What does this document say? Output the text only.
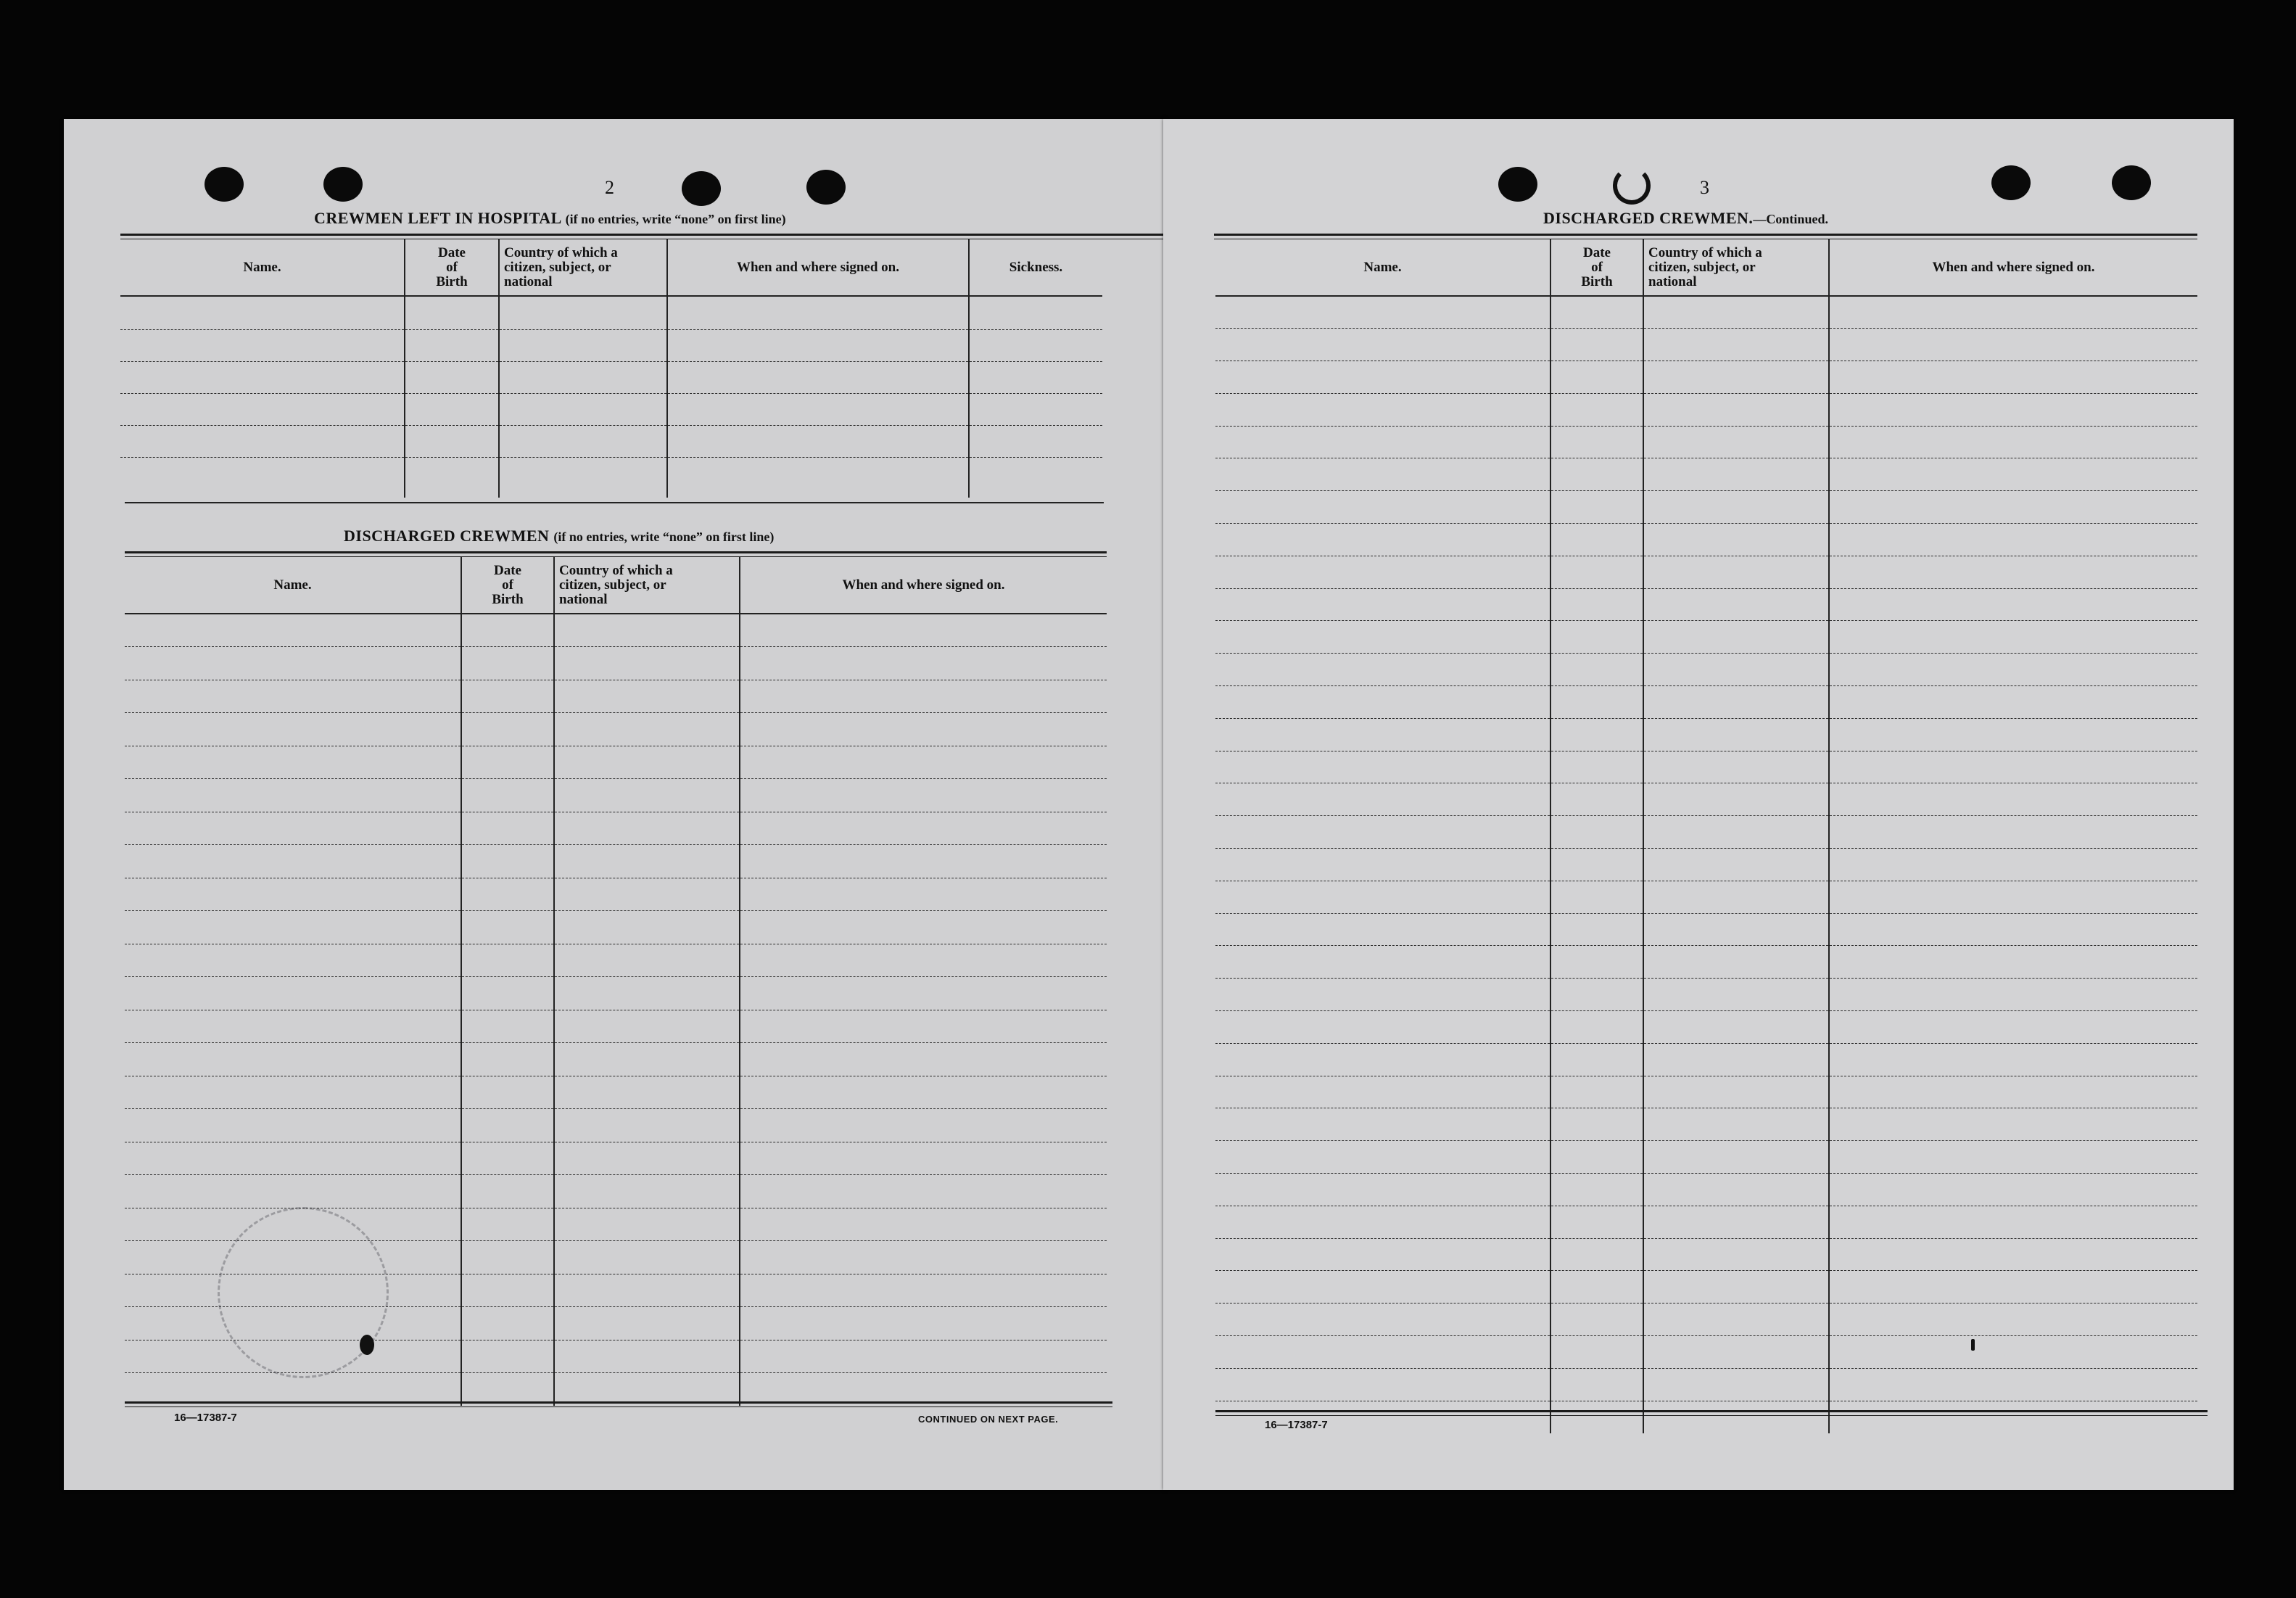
2
CREWMEN LEFT IN HOSPITAL (if no entries, write “none” on first line)
Name.	Date
of
Birth	Country of which a
citizen, subject, or
national	When and where signed on.	Sickness.

DISCHARGED CREWMEN (if no entries, write “none” on first line)
Name.	Date
of
Birth	Country of which a
citizen, subject, or
national	When and where signed on.

16—17387-7	CONTINUED ON NEXT PAGE.
3
DISCHARGED CREWMEN.—Continued.
Name.	Date
of
Birth	Country of which a
citizen, subject, or
national	When and where signed on.

16—17387-7
